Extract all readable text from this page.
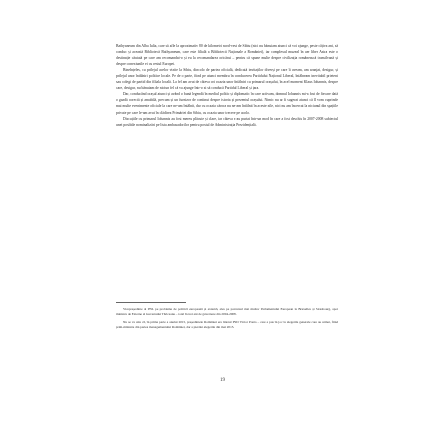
Bathyaneum din Alba Iulia, care să afle la aproximativ 80 de kilometri nord-vest de Sibiu (nici nu bănuiam atunci că voi ajunge, peste câțiva ani, să conduc și această Bibliotecă Bathyaneum, care este filială a Bibliotecii Naționale a României), iar complexul muzeal în aer liber Astra este o destinație căutată pe care am recomandat-o și eu la recomandarea oricărui – pentru că spune multe despre civilizația românească transilvană și despre conexiunile ei cu restul Europei.

Bineînțeles, cu prilejul acelor vizite la Sibiu, dincolo de partea oficială, dedicată invitaților diverși pe care îi aveam, am aranjat, desigur, și prilejul unor întâlniri politice locale. Pe de o parte, fiind pe atunci membru în conducerea Partidului Național Liberal, întâlneam inevitabil prieteni sau colegi de partid din filiala locală. La fel am avut de câteva ori ocazia unor întâlniri cu primarul orașului, în acel moment Klaus Iohannis, despre care, desigur, nu bănuiam de niciun fel că va ajunge într-o zi să conducă Partidul Liberal și țara.

Dar, conducând orașul atunci și având o bună legendă în mediul politic și diplomatic în care activam, domnul Iohannis mi-a fost de fiecare dată o gazdă corectă și amabilă, precum și un furnizor de continut despre istoria și prezentul orașului. Nimic nu ar fi sugerat atunci că îl vom cuprinde mai multe evenimente oficiale la care ne-am întâlnit, dar cu ocazia cărora nu ne-am întâlnit în aceste zile, nici nu am încercat la niciunul din spațiile private pe care le-am avut în clădirea Primăriei din Sibiu, cu ocazia unor trecere pe acolo.

Discuțiile cu primarul Iohannis au fost mereu plăcute și clare, iar câteva s-au purtat într-un mod în care a fost deschis în 2007-2008 subiectul unei posibile nominalizări pe lista ambasadorilor pentru postul de Administrația Prezidențială.

Vicepreședinte al PNL pe probleme de politică europeană și externă, ales pe parcursul mai multor Parlamentului European la Bruxelles și Strasbourg, apoi ministru de Externe al Guvernului Tăriceanu – total în trei ani de guvernare din 2004-2008.

Nu se va uita că, în prima parte a anului 2015, președintele României era liderul PSD Victor Ponta – care a pus în joc la alegerile generale care au urmat, fiind prim-ministru din partea managementului României, dar a pierdut alegerile din mai 2015.

19
